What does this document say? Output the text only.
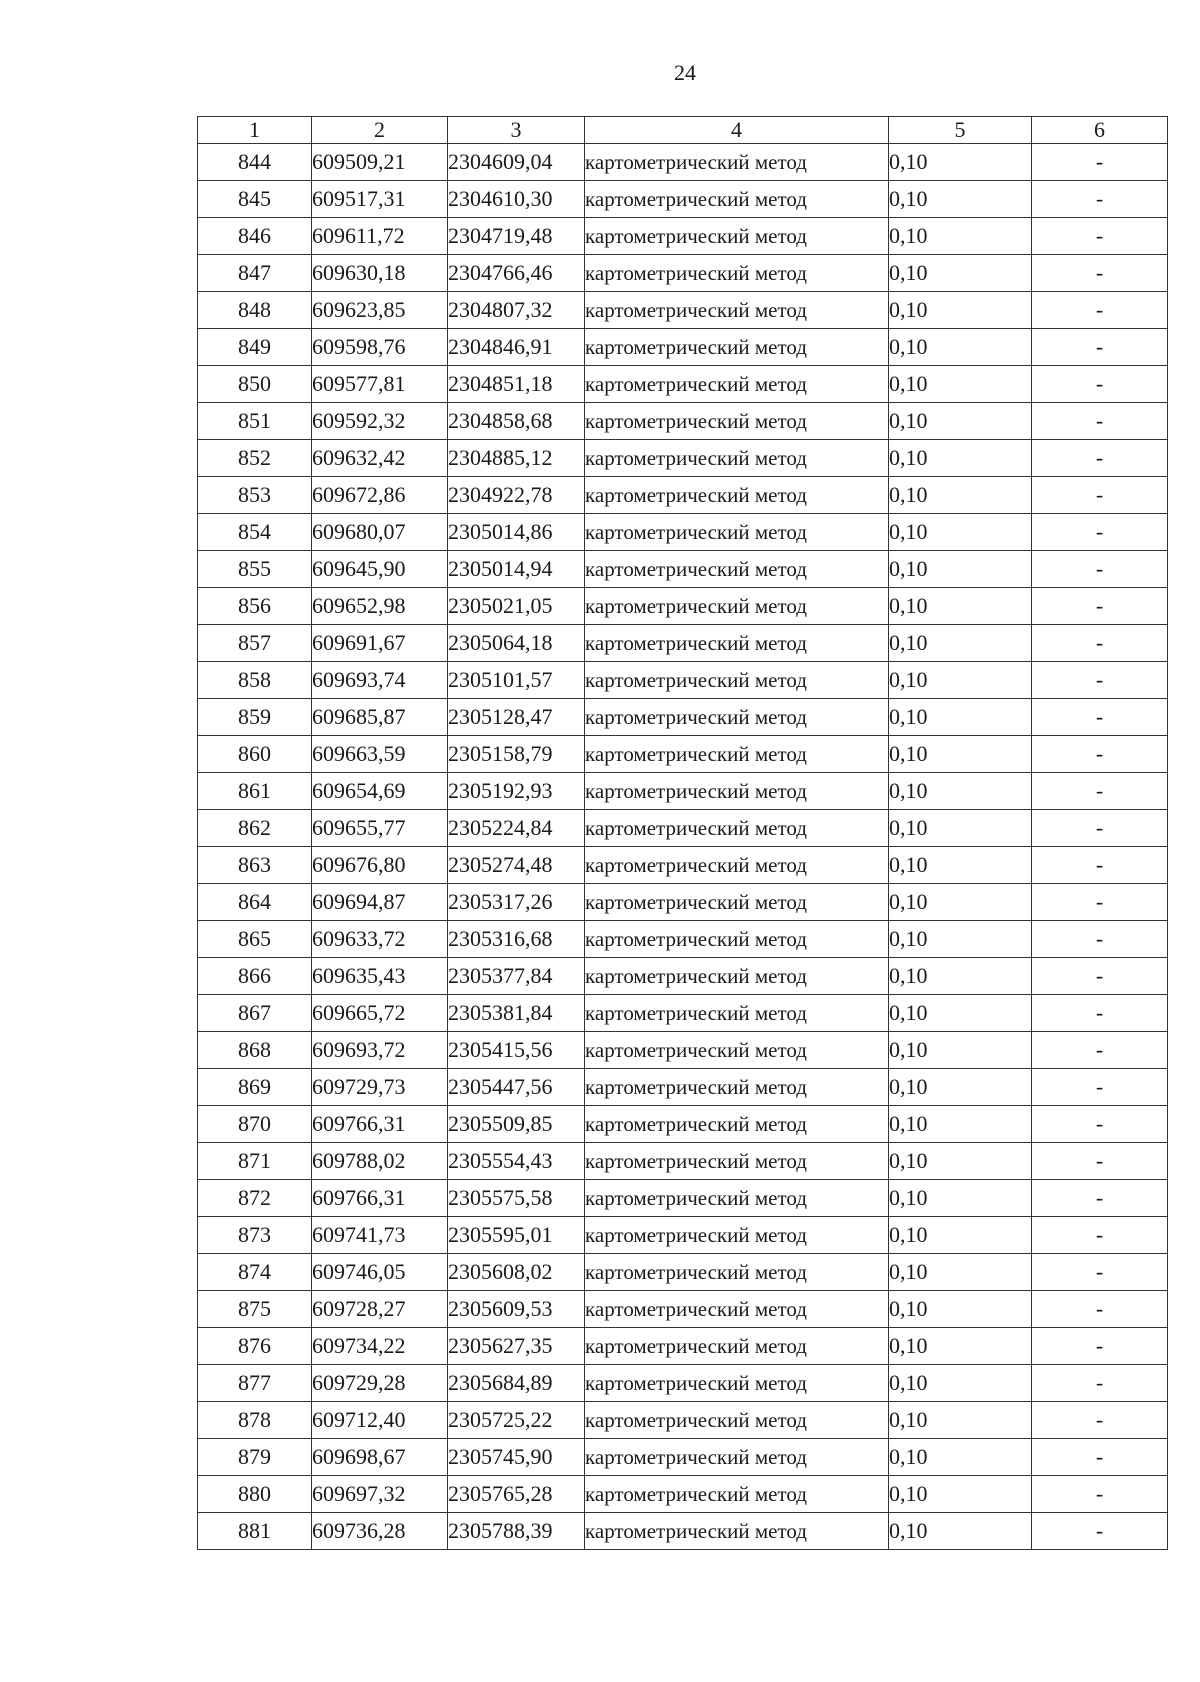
24
1	2	3	4	5	6
844	609509,21	2304609,04	картометрический метод	0,10	-
845	609517,31	2304610,30	картометрический метод	0,10	-
846	609611,72	2304719,48	картометрический метод	0,10	-
847	609630,18	2304766,46	картометрический метод	0,10	-
848	609623,85	2304807,32	картометрический метод	0,10	-
849	609598,76	2304846,91	картометрический метод	0,10	-
850	609577,81	2304851,18	картометрический метод	0,10	-
851	609592,32	2304858,68	картометрический метод	0,10	-
852	609632,42	2304885,12	картометрический метод	0,10	-
853	609672,86	2304922,78	картометрический метод	0,10	-
854	609680,07	2305014,86	картометрический метод	0,10	-
855	609645,90	2305014,94	картометрический метод	0,10	-
856	609652,98	2305021,05	картометрический метод	0,10	-
857	609691,67	2305064,18	картометрический метод	0,10	-
858	609693,74	2305101,57	картометрический метод	0,10	-
859	609685,87	2305128,47	картометрический метод	0,10	-
860	609663,59	2305158,79	картометрический метод	0,10	-
861	609654,69	2305192,93	картометрический метод	0,10	-
862	609655,77	2305224,84	картометрический метод	0,10	-
863	609676,80	2305274,48	картометрический метод	0,10	-
864	609694,87	2305317,26	картометрический метод	0,10	-
865	609633,72	2305316,68	картометрический метод	0,10	-
866	609635,43	2305377,84	картометрический метод	0,10	-
867	609665,72	2305381,84	картометрический метод	0,10	-
868	609693,72	2305415,56	картометрический метод	0,10	-
869	609729,73	2305447,56	картометрический метод	0,10	-
870	609766,31	2305509,85	картометрический метод	0,10	-
871	609788,02	2305554,43	картометрический метод	0,10	-
872	609766,31	2305575,58	картометрический метод	0,10	-
873	609741,73	2305595,01	картометрический метод	0,10	-
874	609746,05	2305608,02	картометрический метод	0,10	-
875	609728,27	2305609,53	картометрический метод	0,10	-
876	609734,22	2305627,35	картометрический метод	0,10	-
877	609729,28	2305684,89	картометрический метод	0,10	-
878	609712,40	2305725,22	картометрический метод	0,10	-
879	609698,67	2305745,90	картометрический метод	0,10	-
880	609697,32	2305765,28	картометрический метод	0,10	-
881	609736,28	2305788,39	картометрический метод	0,10	-
